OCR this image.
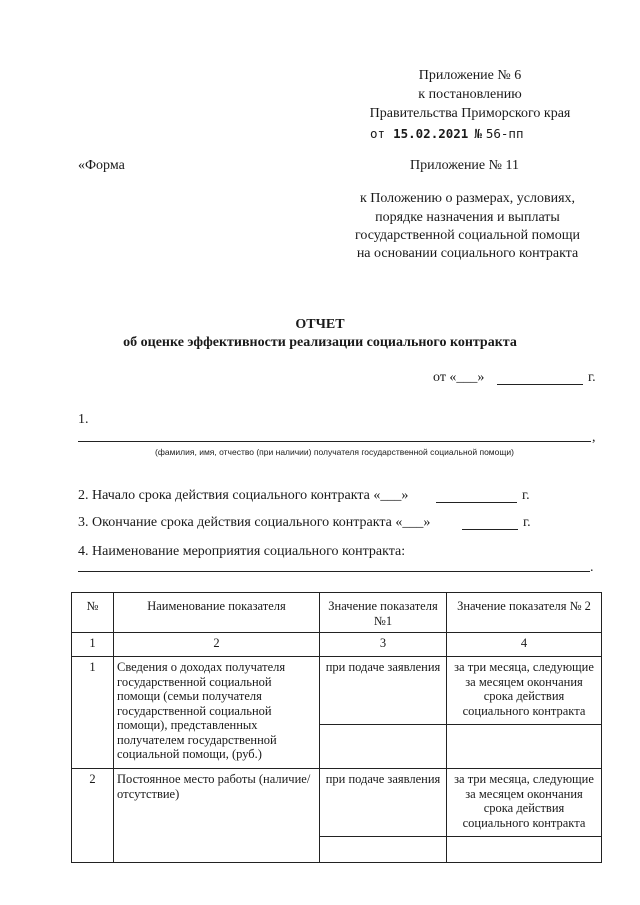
Приложение № 6
к постановлению
Правительства Приморского края
от 15.02.2021 № 56-пп
«Форма	Приложение № 11
к Положению о размерах, условиях,
порядке назначения и выплаты
государственной социальной помощи
на основании социального контракта
ОТЧЕТ
об оценке эффективности реализации социального контракта
от «___»	г.
1.
,
(фамилия, имя, отчество (при наличии) получателя государственной социальной помощи)
2. Начало срока действия социального контракта «___»	г.
3. Окончание срока действия социального контракта «___»	г.
4. Наименование мероприятия социального контракта:
.
№	Наименование показателя	Значение показателя №1	Значение показателя № 2
1	2	3	4
1	Сведения о доходах получателя государственной социальной помощи (семьи получателя государственной социальной помощи), представленных получателем государственной социальной помощи, (руб.)	при подаче заявления	за три месяца, следующие за месяцем окончания срока действия социального контракта

2	Постоянное место работы (наличие/отсутствие)	при подаче заявления	за три месяца, следующие за месяцем окончания срока действия социального контракта
